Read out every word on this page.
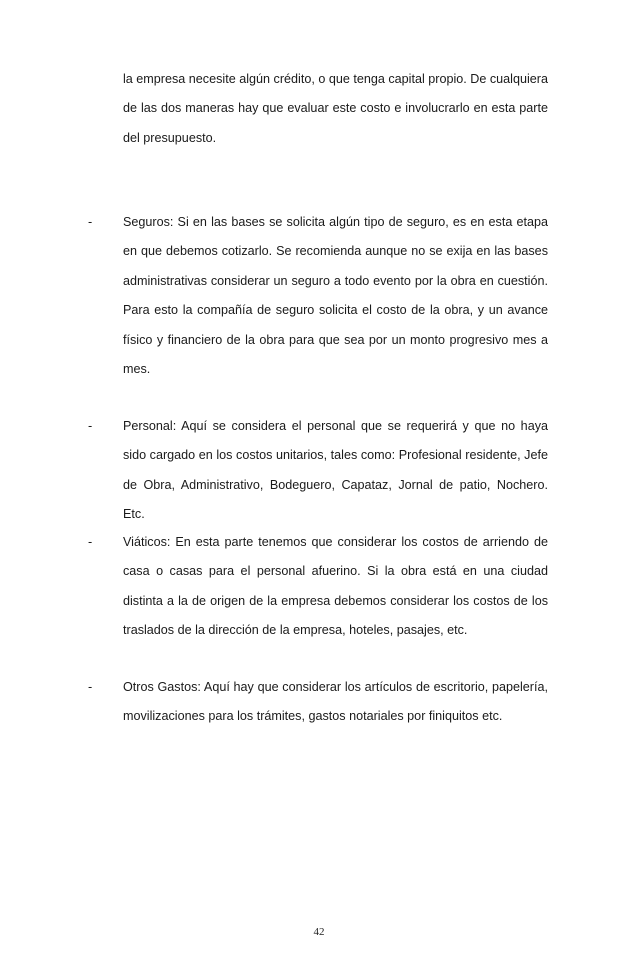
la empresa necesite algún crédito, o que tenga capital propio. De cualquiera de las dos maneras hay que evaluar este costo e involucrarlo en esta parte del presupuesto.

- Seguros: Si en las bases se solicita algún tipo de seguro, es en esta etapa en que debemos cotizarlo. Se recomienda aunque no se exija en las bases administrativas considerar un seguro a todo evento por la obra en cuestión. Para esto la compañía de seguro solicita el costo de la obra, y un avance físico y financiero de la obra para que sea por un monto progresivo mes a mes.

- Personal: Aquí se considera el personal que se requerirá y que no haya sido cargado en los costos unitarios, tales como: Profesional residente, Jefe de Obra, Administrativo, Bodeguero, Capataz, Jornal de patio, Nochero. Etc.

- Viáticos: En esta parte tenemos que considerar los costos de arriendo de casa o casas para el personal afuerino. Si la obra está en una ciudad distinta a la de origen de la empresa debemos considerar los costos de los traslados de la dirección de la empresa, hoteles, pasajes, etc.

- Otros Gastos: Aquí hay que considerar los artículos de escritorio, papelería, movilizaciones para los trámites, gastos notariales por finiquitos etc.

42
